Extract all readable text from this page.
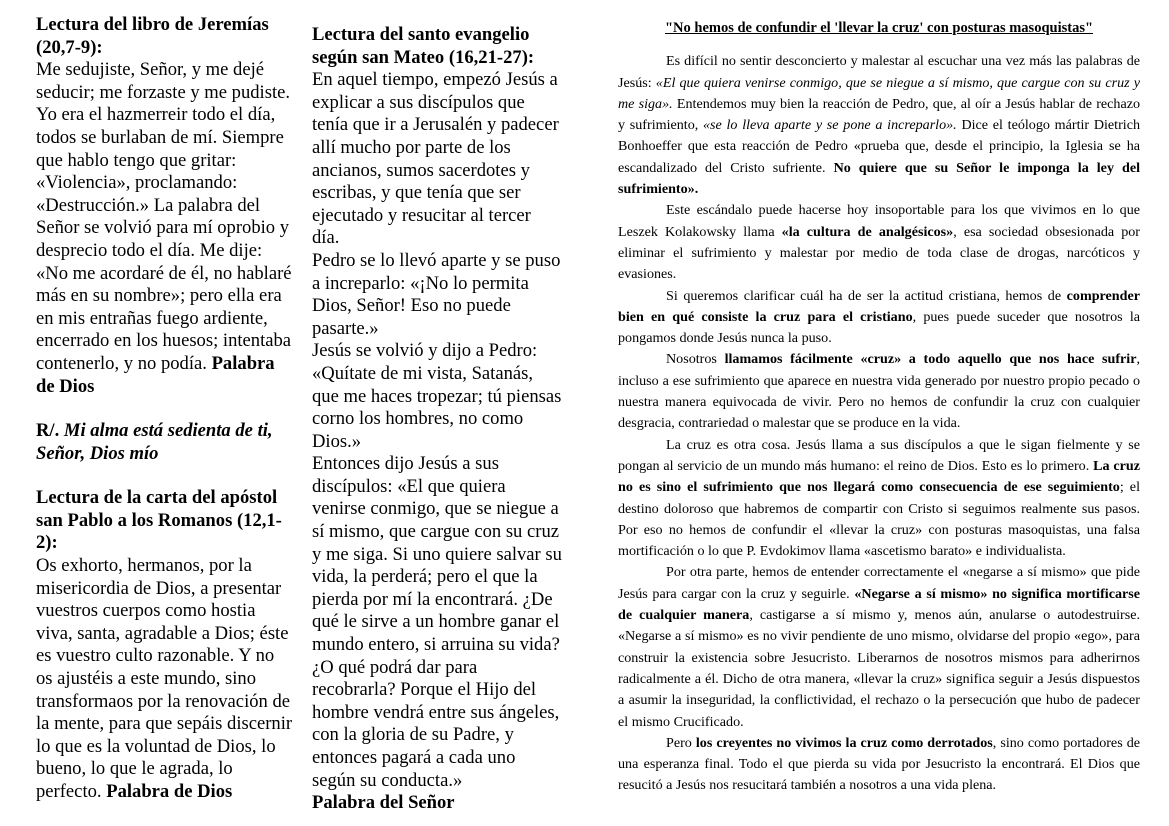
Lectura del libro de Jeremías (20,7-9):
Me sedujiste, Señor, y me dejé seducir; me forzaste y me pudiste. Yo era el hazmerreir todo el día, todos se burlaban de mí. Siempre que hablo tengo que gritar: «Violencia», proclamando: «Destrucción.» La palabra del Señor se volvió para mí oprobio y desprecio todo el día. Me dije: «No me acordaré de él, no hablaré más en su nombre»; pero ella era en mis entrañas fuego ardiente, encerrado en los huesos; intentaba contenerlo, y no podía. Palabra de Dios
R/. Mi alma está sedienta de ti, Señor, Dios mío
Lectura de la carta del apóstol san Pablo a los Romanos (12,1-2):
Os exhorto, hermanos, por la misericordia de Dios, a presentar vuestros cuerpos como hostia viva, santa, agradable a Dios; éste es vuestro culto razonable. Y no os ajustéis a este mundo, sino transformaos por la renovación de la mente, para que sepáis discernir lo que es la voluntad de Dios, lo bueno, lo que le agrada, lo perfecto. Palabra de Dios
Lectura del santo evangelio según san Mateo (16,21-27):
En aquel tiempo, empezó Jesús a explicar a sus discípulos que tenía que ir a Jerusalén y padecer allí mucho por parte de los ancianos, sumos sacerdotes y escribas, y que tenía que ser ejecutado y resucitar al tercer día.
Pedro se lo llevó aparte y se puso a increparlo: «¡No lo permita Dios, Señor! Eso no puede pasarte.»
Jesús se volvió y dijo a Pedro: «Quítate de mi vista, Satanás, que me haces tropezar; tú piensas corno los hombres, no como Dios.»
Entonces dijo Jesús a sus discípulos: «El que quiera venirse conmigo, que se niegue a sí mismo, que cargue con su cruz y me siga. Si uno quiere salvar su vida, la perderá; pero el que la pierda por mí la encontrará. ¿De qué le sirve a un hombre ganar el mundo entero, si arruina su vida? ¿O qué podrá dar para recobrarla? Porque el Hijo del hombre vendrá entre sus ángeles, con la gloria de su Padre, y entonces pagará a cada uno según su conducta.»
Palabra del Señor
"No hemos de confundir el 'llevar la cruz' con posturas masoquistas"
Es difícil no sentir desconcierto y malestar al escuchar una vez más las palabras de Jesús: «El que quiera venirse conmigo, que se niegue a sí mismo, que cargue con su cruz y me siga». Entendemos muy bien la reacción de Pedro, que, al oír a Jesús hablar de rechazo y sufrimiento, «se lo lleva aparte y se pone a increparlo». Dice el teólogo mártir Dietrich Bonhoeffer que esta reacción de Pedro «prueba que, desde el principio, la Iglesia se ha escandalizado del Cristo sufriente. No quiere que su Señor le imponga la ley del sufrimiento».
Este escándalo puede hacerse hoy insoportable para los que vivimos en lo que Leszek Kolakowsky llama «la cultura de analgésicos», esa sociedad obsesionada por eliminar el sufrimiento y malestar por medio de toda clase de drogas, narcóticos y evasiones.
Si queremos clarificar cuál ha de ser la actitud cristiana, hemos de comprender bien en qué consiste la cruz para el cristiano, pues puede suceder que nosotros la pongamos donde Jesús nunca la puso.
Nosotros llamamos fácilmente «cruz» a todo aquello que nos hace sufrir, incluso a ese sufrimiento que aparece en nuestra vida generado por nuestro propio pecado o nuestra manera equivocada de vivir. Pero no hemos de confundir la cruz con cualquier desgracia, contrariedad o malestar que se produce en la vida.
La cruz es otra cosa. Jesús llama a sus discípulos a que le sigan fielmente y se pongan al servicio de un mundo más humano: el reino de Dios. Esto es lo primero. La cruz no es sino el sufrimiento que nos llegará como consecuencia de ese seguimiento; el destino doloroso que habremos de compartir con Cristo si seguimos realmente sus pasos. Por eso no hemos de confundir el «llevar la cruz» con posturas masoquistas, una falsa mortificación o lo que P. Evdokimov llama «ascetismo barato» e individualista.
Por otra parte, hemos de entender correctamente el «negarse a sí mismo» que pide Jesús para cargar con la cruz y seguirle. «Negarse a sí mismo» no significa mortificarse de cualquier manera, castigarse a sí mismo y, menos aún, anularse o autodestruirse. «Negarse a sí mismo» es no vivir pendiente de uno mismo, olvidarse del propio «ego», para construir la existencia sobre Jesucristo. Liberarnos de nosotros mismos para adherirnos radicalmente a él. Dicho de otra manera, «llevar la cruz» significa seguir a Jesús dispuestos a asumir la inseguridad, la conflictividad, el rechazo o la persecución que hubo de padecer el mismo Crucificado.
Pero los creyentes no vivimos la cruz como derrotados, sino como portadores de una esperanza final. Todo el que pierda su vida por Jesucristo la encontrará. El Dios que resucitó a Jesús nos resucitará también a nosotros a una vida plena.
